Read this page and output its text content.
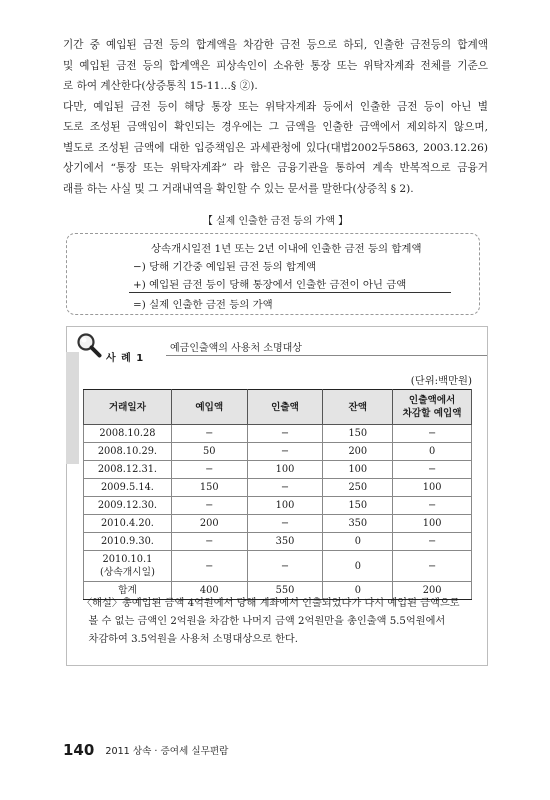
기간 중 예입된 금전 등의 합계액을 차감한 금전 등으로 하되, 인출한 금전등의 합계액
및 예입된 금전 등의 합계액은 피상속인이 소유한 통장 또는 위탁자계좌 전체를 기준으
로 하여 계산한다(상증통칙 15-11…§ ②).
다만, 예입된 금전 등이 해당 통장 또는 위탁자계좌 등에서 인출한 금전 등이 아닌 별
도로 조성된 금액임이 확인되는 경우에는 그 금액을 인출한 금액에서 제외하지 않으며,
별도로 조성된 금액에 대한 입증책임은 과세관청에 있다(대법2002두5863, 2003.12.26)
상기에서 “통장 또는 위탁자계좌” 라 함은 금융기관을 통하여 계속 반복적으로 금융거
래를 하는 사실 및 그 거래내역을 확인할 수 있는 문서를 말한다(상증칙 § 2).
【 실제 인출한 금전 등의 가액 】
상속개시일전 1년 또는 2년 이내에 인출한 금전 등의 합계액
−) 당해 기간중 예입된 금전 등의 합계액
+) 예입된 금전 등이 당해 통장에서 인출한 금전이 아닌 금액
=) 실제 인출한 금전 등의 가액
사 례 1
예금인출액의 사용처 소명대상
(단위:백만원)
거래일자	예입액	인출액	잔액	인출액에서
차감할 예입액
2008.10.28	−	−	150	−
2008.10.29.	50	−	200	0
2008.12.31.	−	100	100	−
2009.5.14.	150	−	250	100
2009.12.30.	−	100	150	−
2010.4.20.	200	−	350	100
2010.9.30.	−	350	0	−
2010.10.1
(상속개시일)	−	−	0	−
합계	400	550	0	200
〈해설〉총예입된 금액 4억원에서 당해 계좌에서 인출되었다가 다시 예입된 금액으로
볼 수 없는 금액인 2억원을 차감한 나머지 금액 2억원만을 총인출액 5.5억원에서
차감하여 3.5억원을 사용처 소명대상으로 한다.
140 2011 상속 · 증여세 실무편람
